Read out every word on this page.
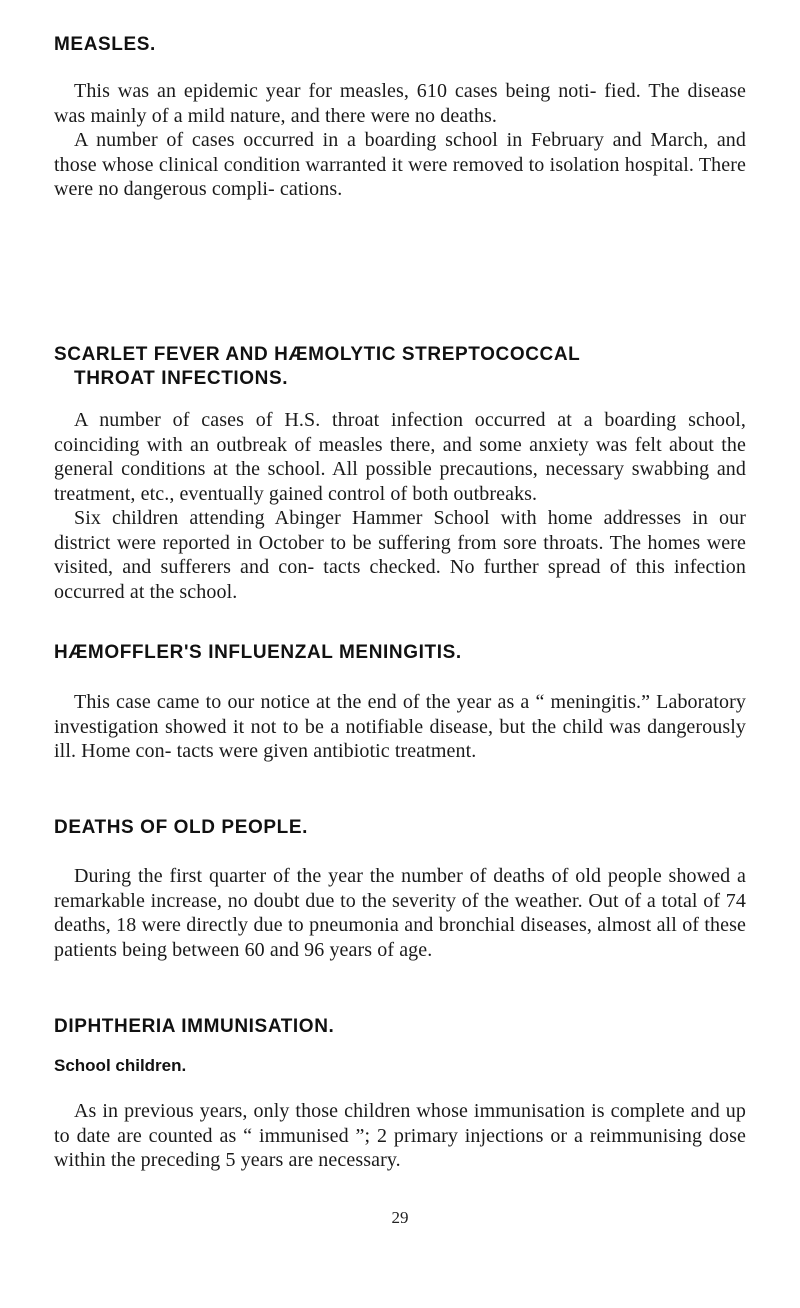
MEASLES.

This was an epidemic year for measles, 610 cases being noti- fied. The disease was mainly of a mild nature, and there were no deaths.

A number of cases occurred in a boarding school in February and March, and those whose clinical condition warranted it were removed to isolation hospital. There were no dangerous compli- cations.

SCARLET FEVER AND HÆMOLYTIC STREPTOCOCCAL
THROAT INFECTIONS.

A number of cases of H.S. throat infection occurred at a boarding school, coinciding with an outbreak of measles there, and some anxiety was felt about the general conditions at the school. All possible precautions, necessary swabbing and treatment, etc., eventually gained control of both outbreaks.

Six children attending Abinger Hammer School with home addresses in our district were reported in October to be suffering from sore throats. The homes were visited, and sufferers and con- tacts checked. No further spread of this infection occurred at the school.

HÆMOFFLER'S INFLUENZAL MENINGITIS.

This case came to our notice at the end of the year as a “ meningitis.” Laboratory investigation showed it not to be a notifiable disease, but the child was dangerously ill. Home con- tacts were given antibiotic treatment.

DEATHS OF OLD PEOPLE.

During the first quarter of the year the number of deaths of old people showed a remarkable increase, no doubt due to the severity of the weather. Out of a total of 74 deaths, 18 were directly due to pneumonia and bronchial diseases, almost all of these patients being between 60 and 96 years of age.

DIPHTHERIA IMMUNISATION.
School children.

As in previous years, only those children whose immunisation is complete and up to date are counted as “ immunised ”; 2 primary injections or a reimmunising dose within the preceding 5 years are necessary.

29
